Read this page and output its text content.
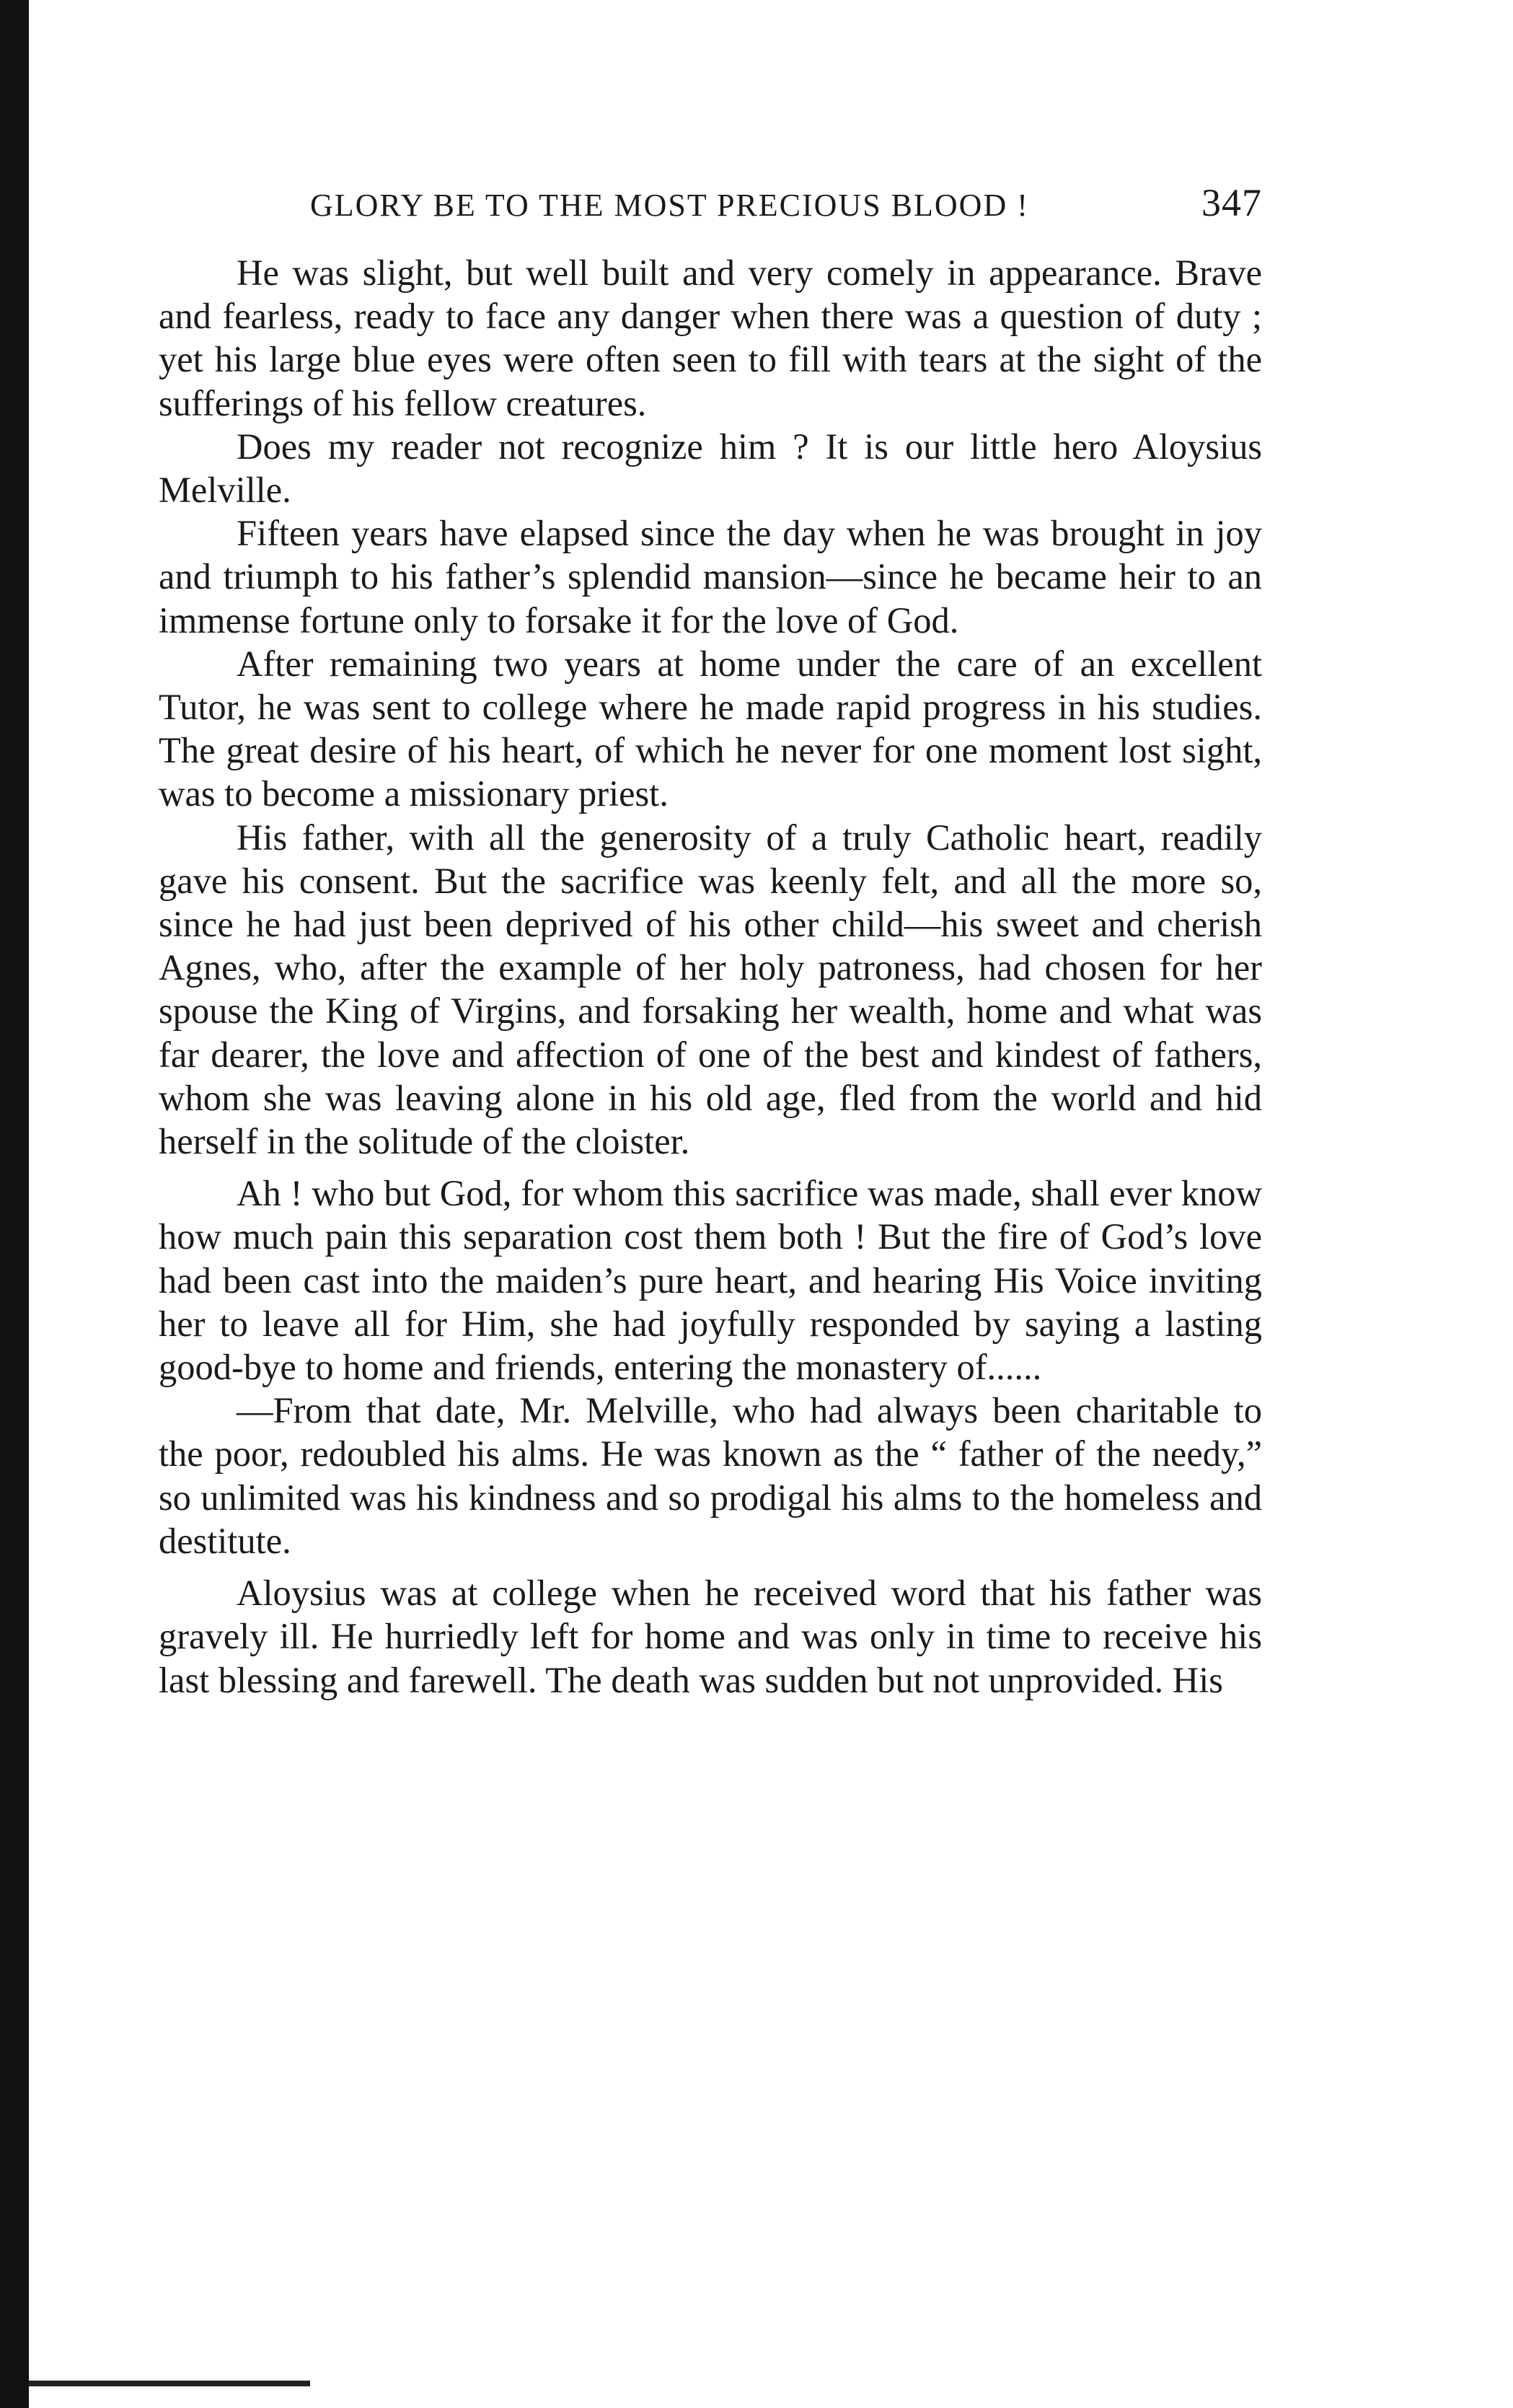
GLORY BE TO THE MOST PRECIOUS BLOOD !	347

He was slight, but well built and very comely in appearance. Brave and fearless, ready to face any danger when there was a question of duty ; yet his large blue eyes were often seen to fill with tears at the sight of the sufferings of his fellow creatures.

Does my reader not recognize him ? It is our little hero Aloysius Melville.

Fifteen years have elapsed since the day when he was brought in joy and triumph to his father’s splendid mansion—since he became heir to an immense fortune only to forsake it for the love of God.

After remaining two years at home under the care of an excellent Tutor, he was sent to college where he made rapid progress in his studies. The great desire of his heart, of which he never for one moment lost sight, was to become a missionary priest.

His father, with all the generosity of a truly Catholic heart, readily gave his consent. But the sacrifice was keenly felt, and all the more so, since he had just been deprived of his other child—his sweet and cherish Agnes, who, after the example of her holy patroness, had chosen for her spouse the King of Virgins, and forsaking her wealth, home and what was far dearer, the love and affection of one of the best and kindest of fathers, whom she was leaving alone in his old age, fled from the world and hid herself in the solitude of the cloister.

Ah ! who but God, for whom this sacrifice was made, shall ever know how much pain this separation cost them both ! But the fire of God’s love had been cast into the maiden’s pure heart, and hearing His Voice inviting her to leave all for Him, she had joyfully responded by saying a lasting good-bye to home and friends, entering the monastery of......

—From that date, Mr. Melville, who had always been charitable to the poor, redoubled his alms. He was known as the “ father of the needy,” so unlimited was his kindness and so prodigal his alms to the homeless and destitute.

Aloysius was at college when he received word that his father was gravely ill. He hurriedly left for home and was only in time to receive his last blessing and farewell. The death was sudden but not unprovided. His
